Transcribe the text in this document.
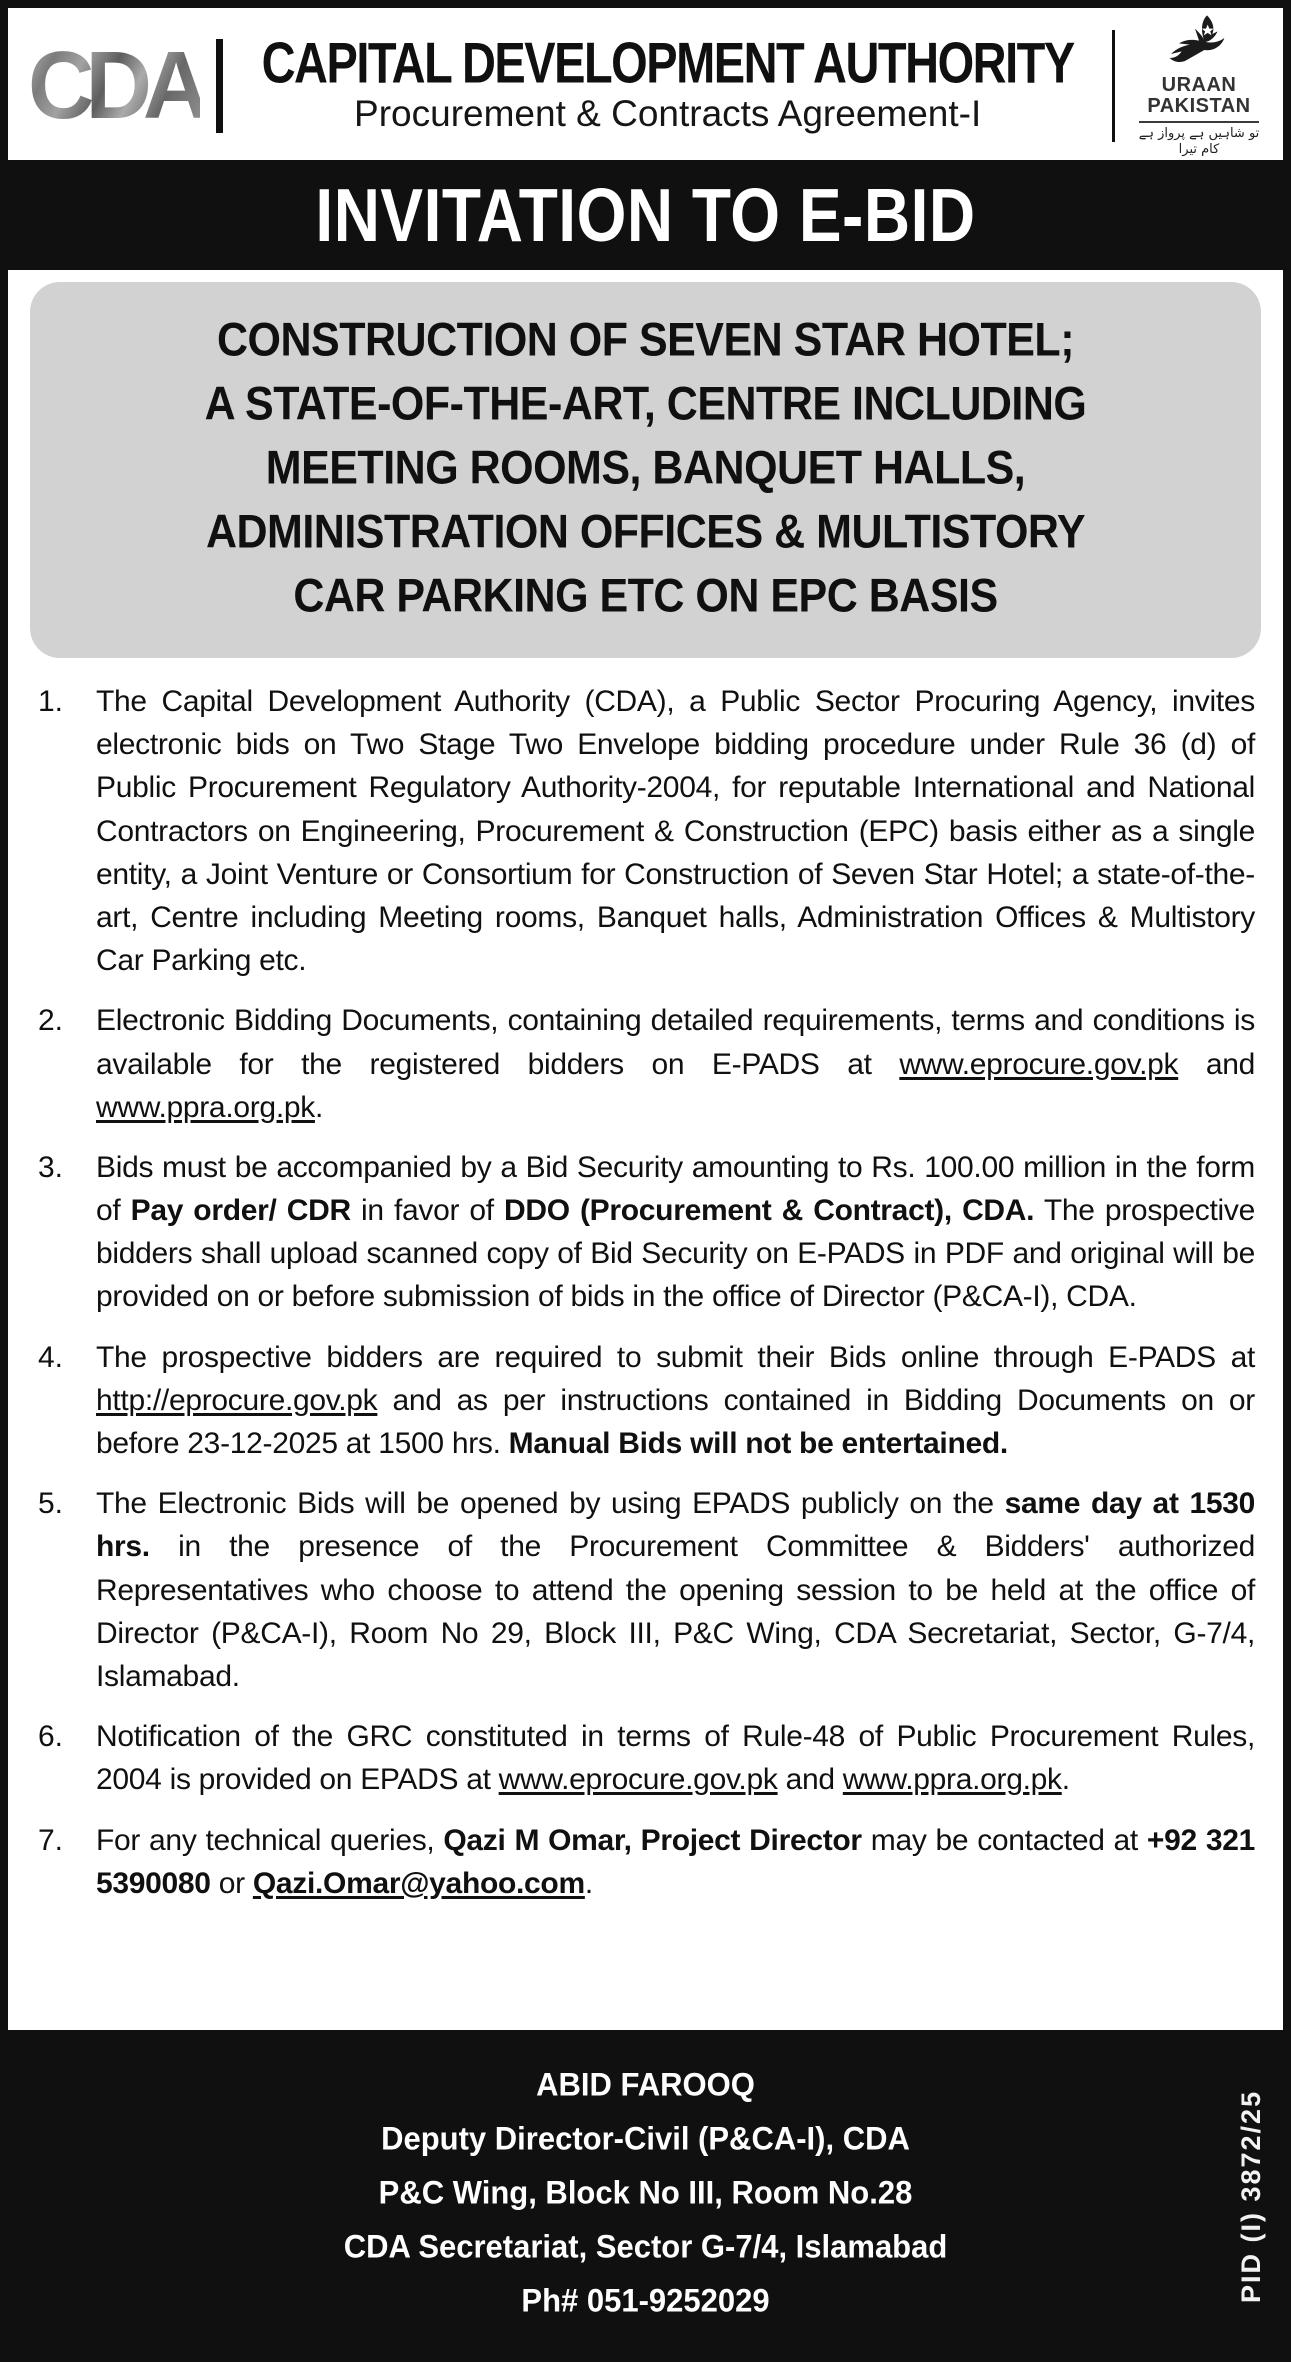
CDA	CAPITAL DEVELOPMENT AUTHORITY
Procurement & Contracts Agreement-I
URAAN
PAKISTAN
تو شاہیں ہے پرواز ہے کام تیرا
INVITATION TO E-BID
CONSTRUCTION OF SEVEN STAR HOTEL;
A STATE-OF-THE-ART, CENTRE INCLUDING
MEETING ROOMS, BANQUET HALLS,
ADMINISTRATION OFFICES & MULTISTORY
CAR PARKING ETC ON EPC BASIS
1.	The Capital Development Authority (CDA), a Public Sector Procuring Agency, invites electronic bids on Two Stage Two Envelope bidding procedure under Rule 36 (d) of Public Procurement Regulatory Authority-2004, for reputable International and National Contractors on Engineering, Procurement & Construction (EPC) basis either as a single entity, a Joint Venture or Consortium for Construction of Seven Star Hotel; a state-of-the-art, Centre including Meeting rooms, Banquet halls, Administration Offices & Multistory Car Parking etc.
2.	Electronic Bidding Documents, containing detailed requirements, terms and conditions is available for the registered bidders on E-PADS at www.eprocure.gov.pk and www.ppra.org.pk.
3.	Bids must be accompanied by a Bid Security amounting to Rs. 100.00 million in the form of Pay order/ CDR in favor of DDO (Procurement & Contract), CDA. The prospective bidders shall upload scanned copy of Bid Security on E-PADS in PDF and original will be provided on or before submission of bids in the office of Director (P&CA-I), CDA.
4.	The prospective bidders are required to submit their Bids online through E-PADS at http://eprocure.gov.pk and as per instructions contained in Bidding Documents on or before 23-12-2025 at 1500 hrs. Manual Bids will not be entertained.
5.	The Electronic Bids will be opened by using EPADS publicly on the same day at 1530 hrs. in the presence of the Procurement Committee & Bidders' authorized Representatives who choose to attend the opening session to be held at the office of Director (P&CA-I), Room No 29, Block III, P&C Wing, CDA Secretariat, Sector, G-7/4, Islamabad.
6.	Notification of the GRC constituted in terms of Rule-48 of Public Procurement Rules, 2004 is provided on EPADS at www.eprocure.gov.pk and www.ppra.org.pk.
7.	For any technical queries, Qazi M Omar, Project Director may be contacted at +92 321 5390080 or Qazi.Omar@yahoo.com.
ABID FAROOQ
Deputy Director-Civil (P&CA-I), CDA
P&C Wing, Block No III, Room No.28
CDA Secretariat, Sector G-7/4, Islamabad
Ph# 051-9252029	PID (I) 3872/25
